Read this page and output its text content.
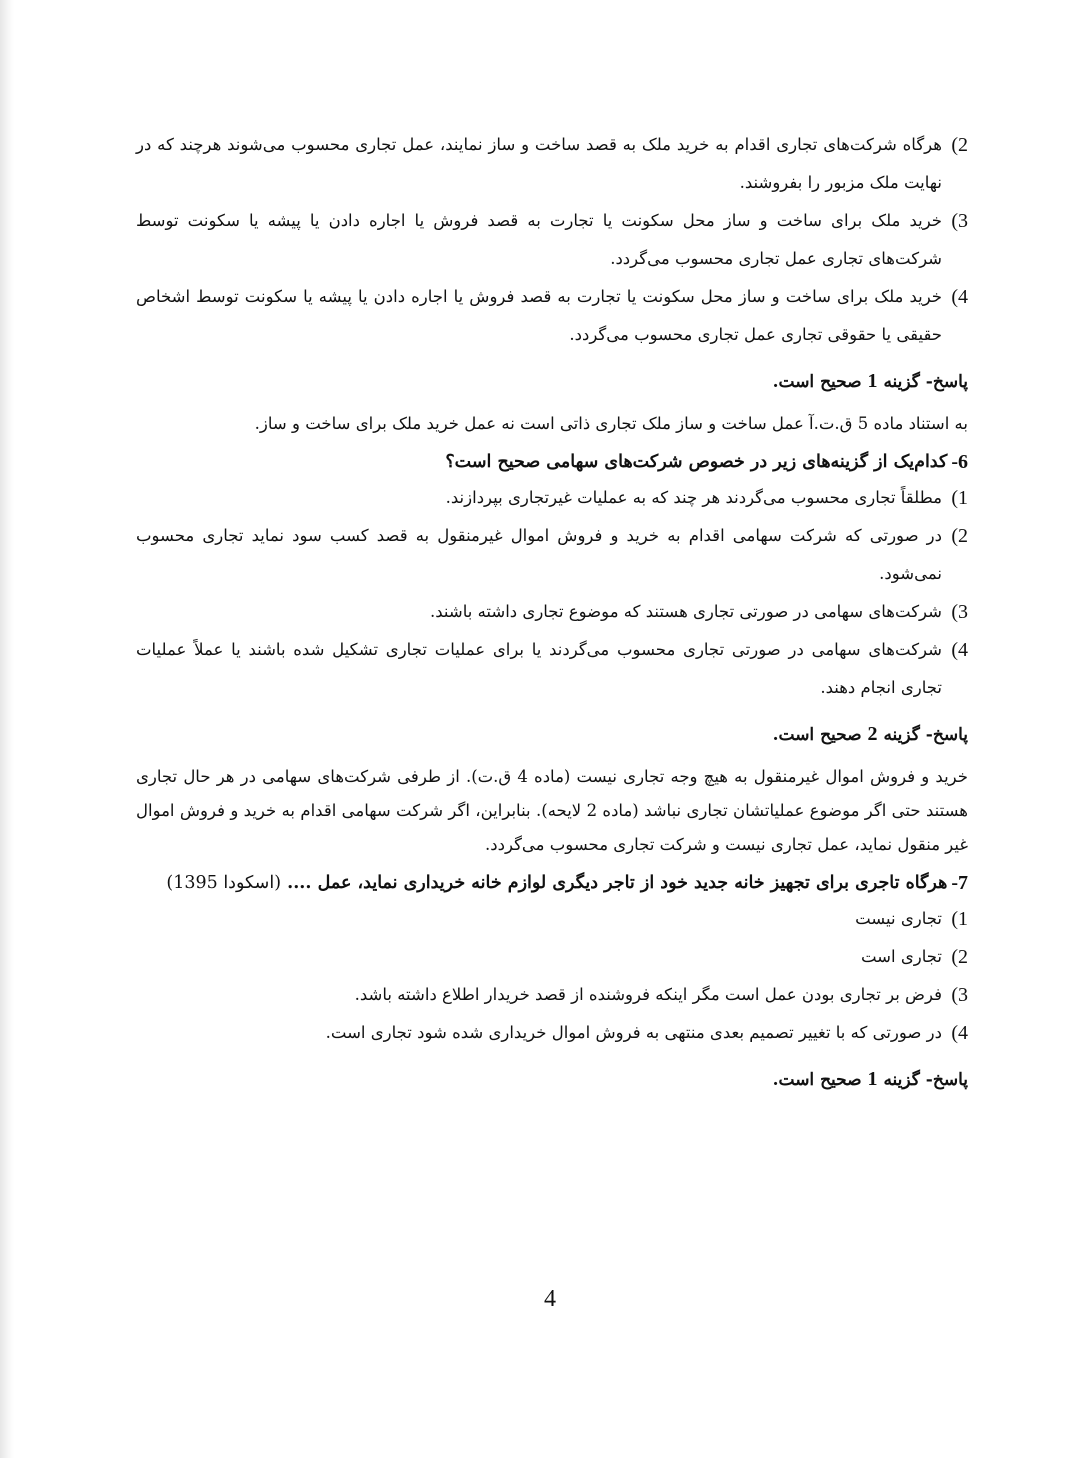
2)
هرگاه شرکت‌های تجاری اقدام به خرید ملک به قصد ساخت و ساز نمایند، عمل تجاری محسوب می‌شوند هرچند که در نهایت ملک مزبور را بفروشند.
3)
خرید ملک برای ساخت و ساز محل سکونت یا تجارت به قصد فروش یا اجاره دادن یا پیشه یا سکونت توسط شرکت‌های تجاری عمل تجاری محسوب می‌گردد.
4)
خرید ملک برای ساخت و ساز محل سکونت یا تجارت به قصد فروش یا اجاره دادن یا پیشه یا سکونت توسط اشخاص حقیقی یا حقوقی تجاری عمل تجاری محسوب می‌گردد.
پاسخ- گزینه 1 صحیح است.
به استناد ماده 5 ق.ت.آ عمل ساخت و ساز ملک تجاری ذاتی است نه عمل خرید ملک برای ساخت و ساز.
6-
کدام‌یک از گزینه‌های زیر در خصوص شرکت‌های سهامی صحیح است؟
1)
مطلقاً تجاری محسوب می‌گردند هر چند که به عملیات غیرتجاری بپردازند.
2)
در صورتی که شرکت سهامی اقدام به خرید و فروش اموال غیرمنقول به قصد کسب سود نماید تجاری محسوب نمی‌شود.
3)
شرکت‌های سهامی در صورتی تجاری هستند که موضوع تجاری داشته باشند.
4)
شرکت‌های سهامی در صورتی تجاری محسوب می‌گردند یا برای عملیات تجاری تشکیل شده باشند یا عملاً عملیات تجاری انجام دهند.
پاسخ- گزینه 2 صحیح است.
خرید و فروش اموال غیرمنقول به هیچ وجه تجاری نیست (ماده 4 ق.ت). از طرفی شرکت‌های سهامی در هر حال تجاری هستند حتی اگر موضوع عملیاتشان تجاری نباشد (ماده 2 لایحه). بنابراین، اگر شرکت سهامی اقدام به خرید و فروش اموال غیر منقول نماید، عمل تجاری نیست و شرکت تجاری محسوب می‌گردد.
7-
هرگاه تاجری برای تجهیز خانه جدید خود از تاجر دیگری لوازم خانه خریداری نماید، عمل .... (اسکودا 1395)
1)
تجاری نیست
2)
تجاری است
3)
فرض بر تجاری بودن عمل است مگر اینکه فروشنده از قصد خریدار اطلاع داشته باشد.
4)
در صورتی که با تغییر تصمیم بعدی منتهی به فروش اموال خریداری شده شود تجاری است.
پاسخ- گزینه 1 صحیح است.
4
